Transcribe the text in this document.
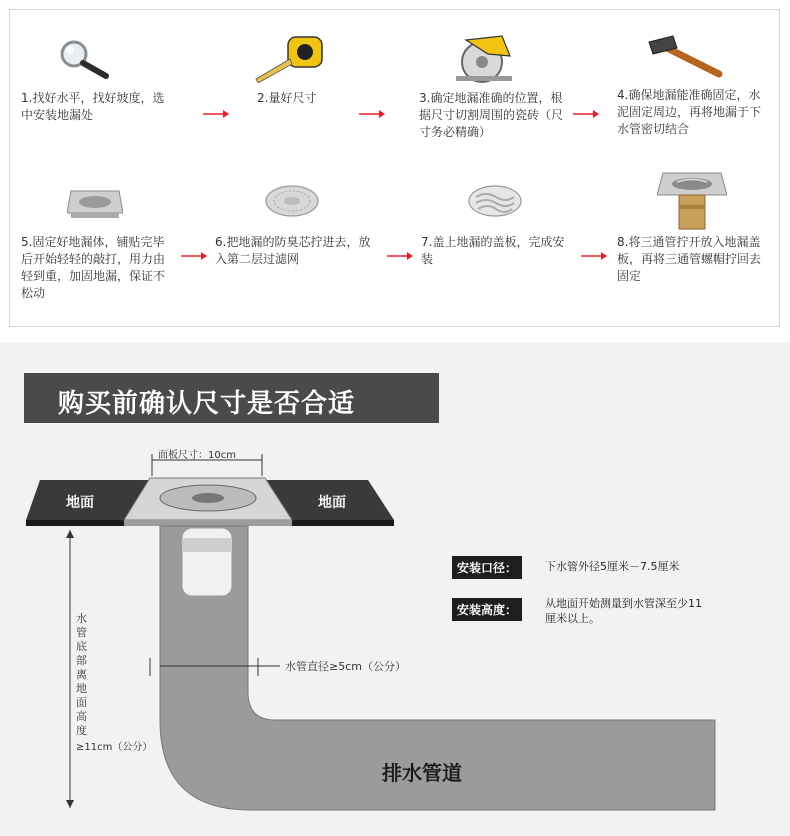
1.找好水平，找好坡度，选中安装地漏处
2.量好尺寸	3.确定地漏准确的位置，根据尺寸切割周围的瓷砖（尺寸务必精确）
4.确保地漏能准确固定，水泥固定周边，再将地漏于下水管密切结合
5.固定好地漏体，铺贴完毕后开始轻轻的敲打，用力由轻到重，加固地漏，保证不松动
6.把地漏的防臭芯拧进去，放入第二层过滤网
7.盖上地漏的盖板，完成安装
8.将三通管拧开放入地漏盖板，再将三通管螺帽拧回去固定
购买前确认尺寸是否合适
面板尺寸：10cm
地面	地面
水管直径≥5cm（公分）
水管底部离地面高度
≥11cm（公分）
排水管道
安装口径：	下水管外径5厘米－7.5厘米
安装高度：	从地面开始测量到水管深至少11厘米以上。
